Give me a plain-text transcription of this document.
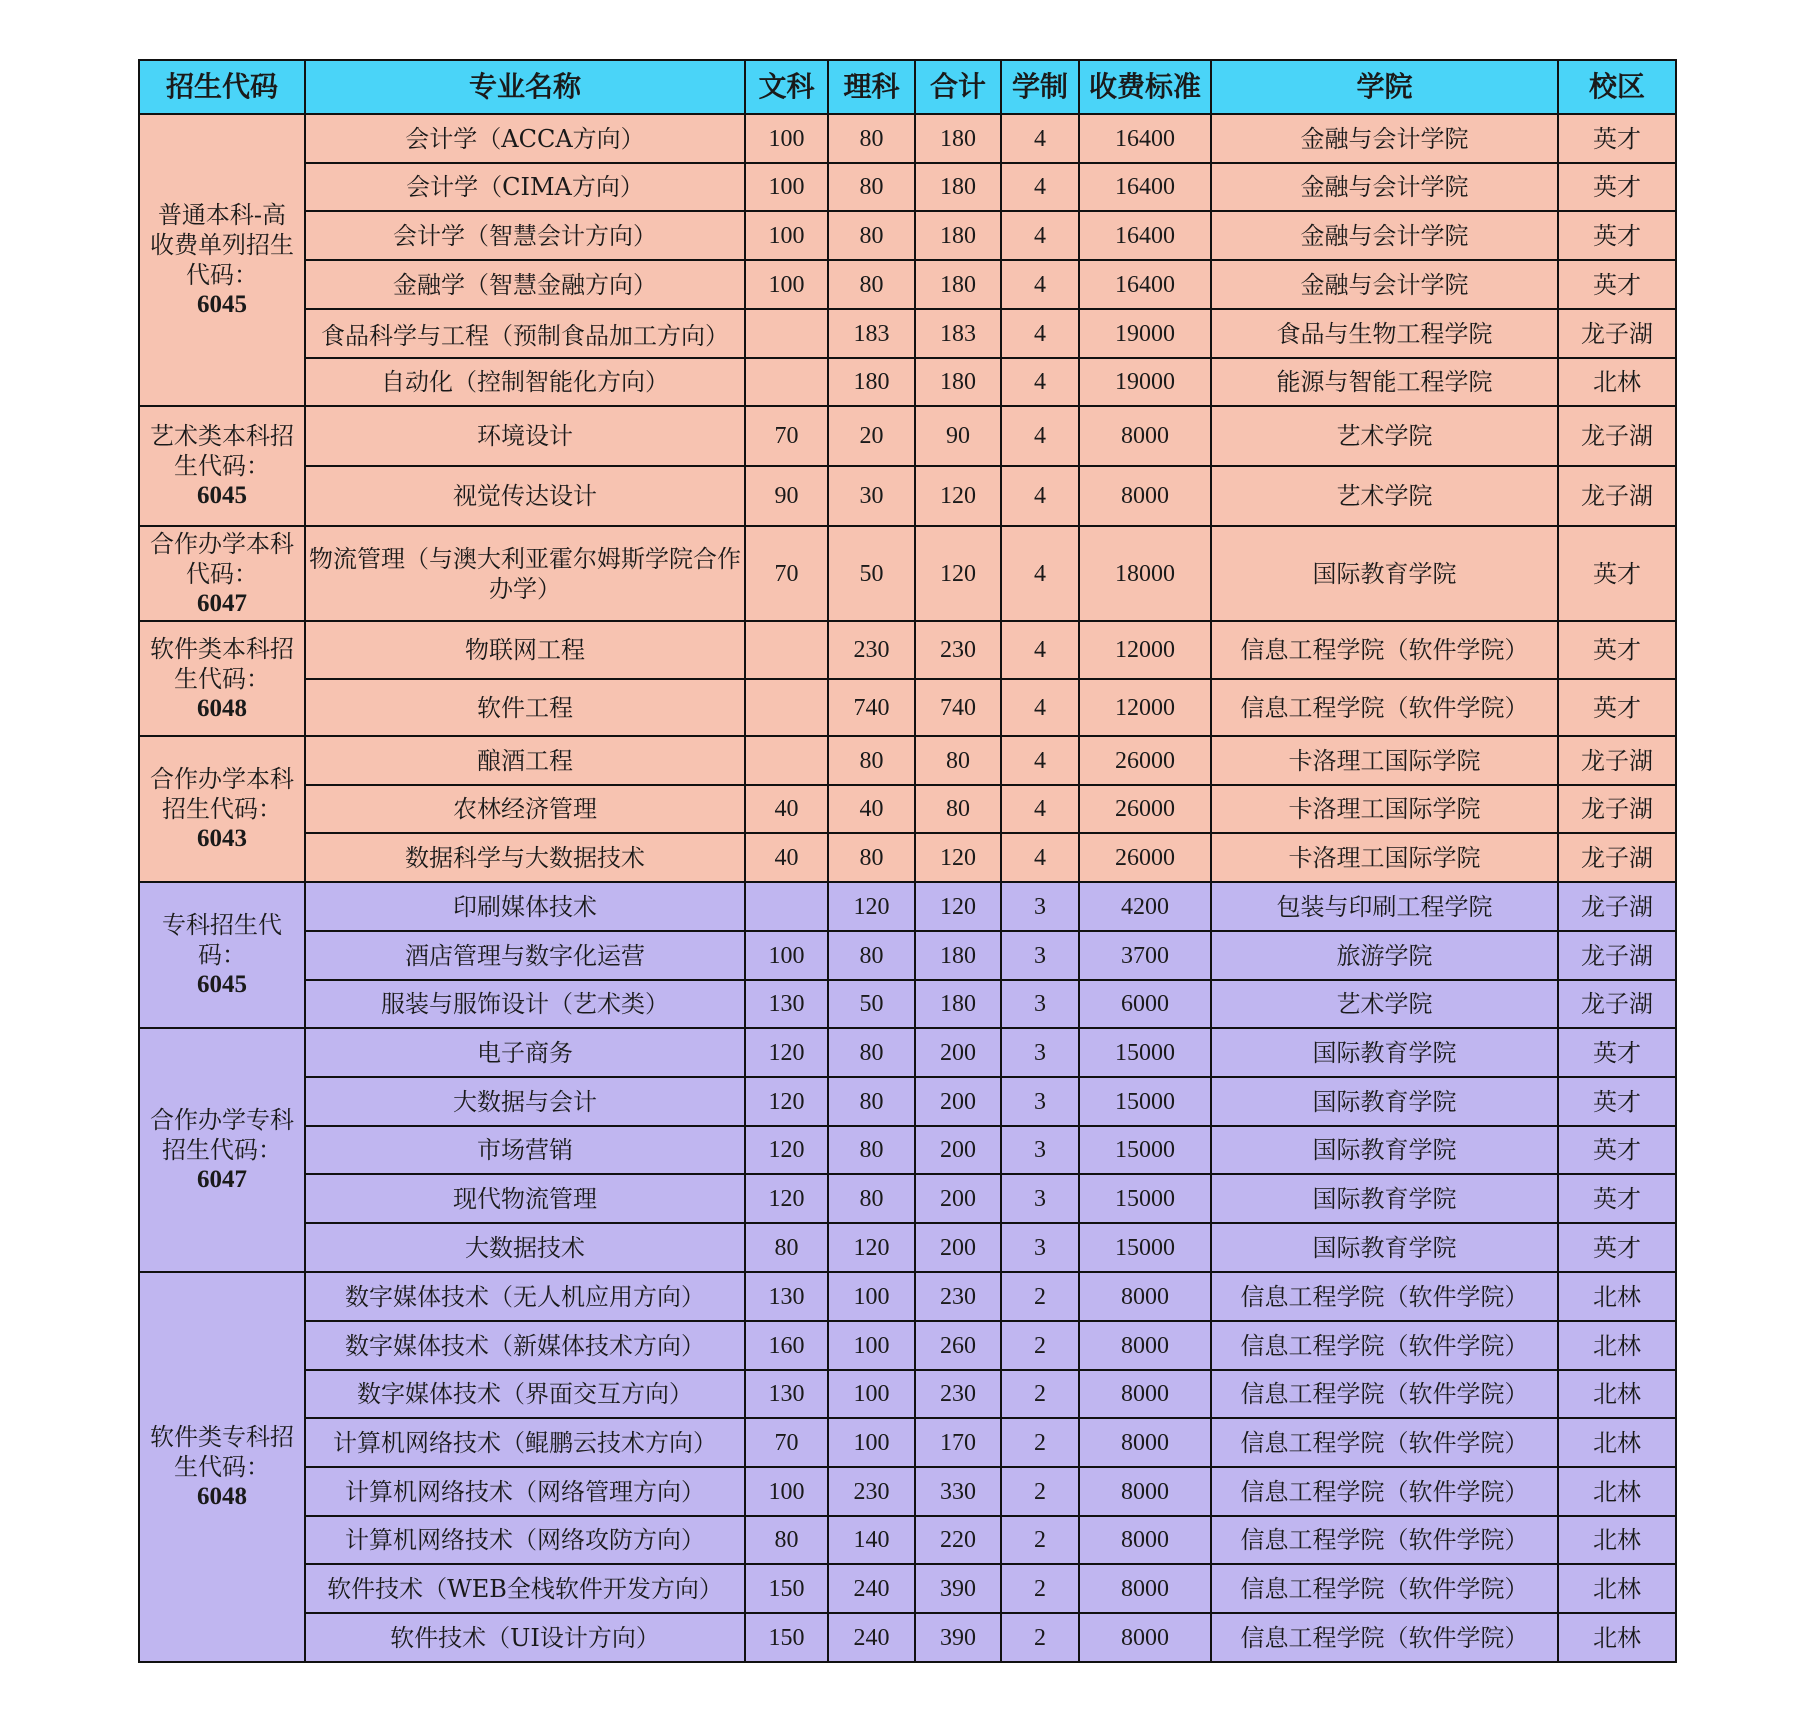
招生代码	专业名称	文科	理科	合计	学制	收费标准	学院	校区

普通本科-高
收费单列招生
代码：
6045	会计学（ACCA方向）	100	80	180	4	16400	金融与会计学院	英才
	会计学（CIMA方向）	100	80	180	4	16400	金融与会计学院	英才
	会计学（智慧会计方向）	100	80	180	4	16400	金融与会计学院	英才
	金融学（智慧金融方向）	100	80	180	4	16400	金融与会计学院	英才

	食品科学与工程（预制食品加工方向）		183	183	4	19000	食品与生物工程学院	龙子湖
	自动化（控制智能化方向）		180	180	4	19000	能源与智能工程学院	北林

艺术类本科招
生代码：
6045	环境设计	70	20	90	4	8000	艺术学院	龙子湖
	视觉传达设计	90	30	120	4	8000	艺术学院	龙子湖

合作办学本科
代码：
6047	物流管理（与澳大利亚霍尔姆斯学院合作办学）	70	50	120	4	18000	国际教育学院	英才

软件类本科招
生代码：
6048	物联网工程		230	230	4	12000	信息工程学院（软件学院）	英才
	软件工程		740	740	4	12000	信息工程学院（软件学院）	英才

合作办学本科
招生代码：
6043	酿酒工程		80	80	4	26000	卡洛理工国际学院	龙子湖
	农林经济管理	40	40	80	4	26000	卡洛理工国际学院	龙子湖
	数据科学与大数据技术	40	80	120	4	26000	卡洛理工国际学院	龙子湖

专科招生代
码：
6045	印刷媒体技术		120	120	3	4200	包装与印刷工程学院	龙子湖
	酒店管理与数字化运营	100	80	180	3	3700	旅游学院	龙子湖
	服装与服饰设计（艺术类）	130	50	180	3	6000	艺术学院	龙子湖

合作办学专科
招生代码：
6047	电子商务	120	80	200	3	15000	国际教育学院	英才
	大数据与会计	120	80	200	3	15000	国际教育学院	英才
	市场营销	120	80	200	3	15000	国际教育学院	英才
	现代物流管理	120	80	200	3	15000	国际教育学院	英才
	大数据技术	80	120	200	3	15000	国际教育学院	英才

软件类专科招
生代码：
6048	数字媒体技术（无人机应用方向）	130	100	230	2	8000	信息工程学院（软件学院）	北林
	数字媒体技术（新媒体技术方向）	160	100	260	2	8000	信息工程学院（软件学院）	北林
	数字媒体技术（界面交互方向）	130	100	230	2	8000	信息工程学院（软件学院）	北林
	计算机网络技术（鲲鹏云技术方向）	70	100	170	2	8000	信息工程学院（软件学院）	北林
	计算机网络技术（网络管理方向）	100	230	330	2	8000	信息工程学院（软件学院）	北林
	计算机网络技术（网络攻防方向）	80	140	220	2	8000	信息工程学院（软件学院）	北林
	软件技术（WEB全栈软件开发方向）	150	240	390	2	8000	信息工程学院（软件学院）	北林
	软件技术（UI设计方向）	150	240	390	2	8000	信息工程学院（软件学院）	北林
